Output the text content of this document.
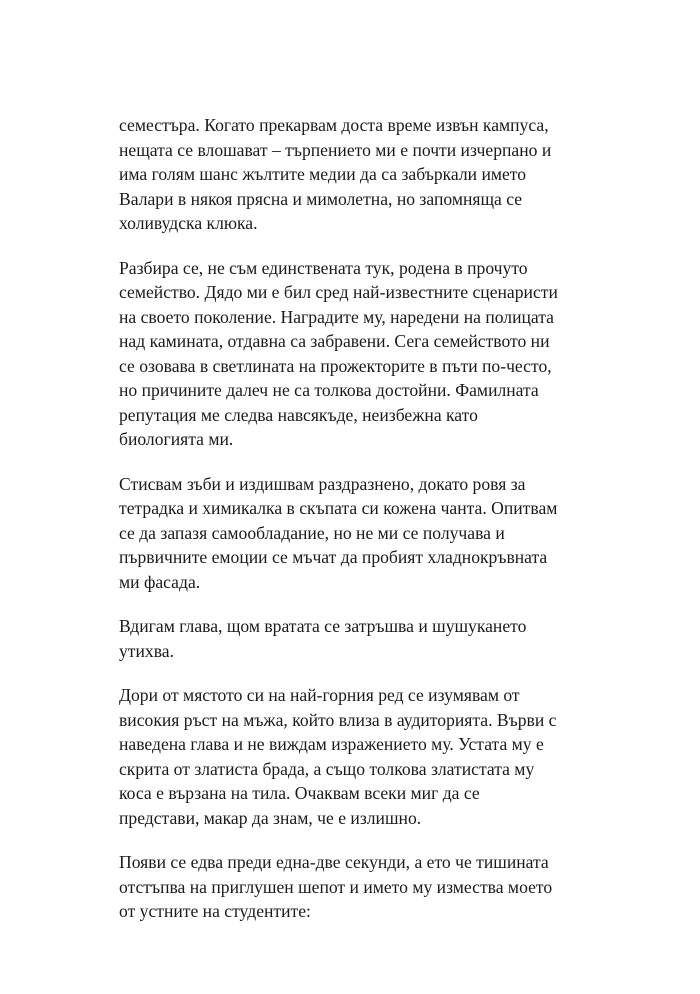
семестъра. Когато прекарвам доста време извън кампуса,
нещата се влошават – търпението ми е почти изчерпано и
има голям шанс жълтите медии да са забъркали името
Валари в някоя прясна и мимолетна, но запомняща се
холивудска клюка.

Разбира се, не съм единствената тук, родена в прочуто
семейство. Дядо ми е бил сред най-известните сценаристи
на своето поколение. Наградите му, наредени на полицата
над камината, отдавна са забравени. Сега семейството ни
се озовава в светлината на прожекторите в пъти по-често,
но причините далеч не са толкова достойни. Фамилната
репутация ме следва навсякъде, неизбежна като
биологията ми.

Стисвам зъби и издишвам раздразнено, докато ровя за
тетрадка и химикалка в скъпата си кожена чанта. Опитвам
се да запазя самообладание, но не ми се получава и
първичните емоции се мъчат да пробият хладнокръвната
ми фасада.

Вдигам глава, щом вратата се затръшва и шушукането
утихва.

Дори от мястото си на най-горния ред се изумявам от
високия ръст на мъжа, който влиза в аудиторията. Върви с
наведена глава и не виждам изражението му. Устата му е
скрита от златиста брада, а също толкова златистата му
коса е вързана на тила. Очаквам всеки миг да се
представи, макар да знам, че е излишно.

Появи се едва преди една-две секунди, а ето че тишината
отстъпва на приглушен шепот и името му измества моето
от устните на студентите:
